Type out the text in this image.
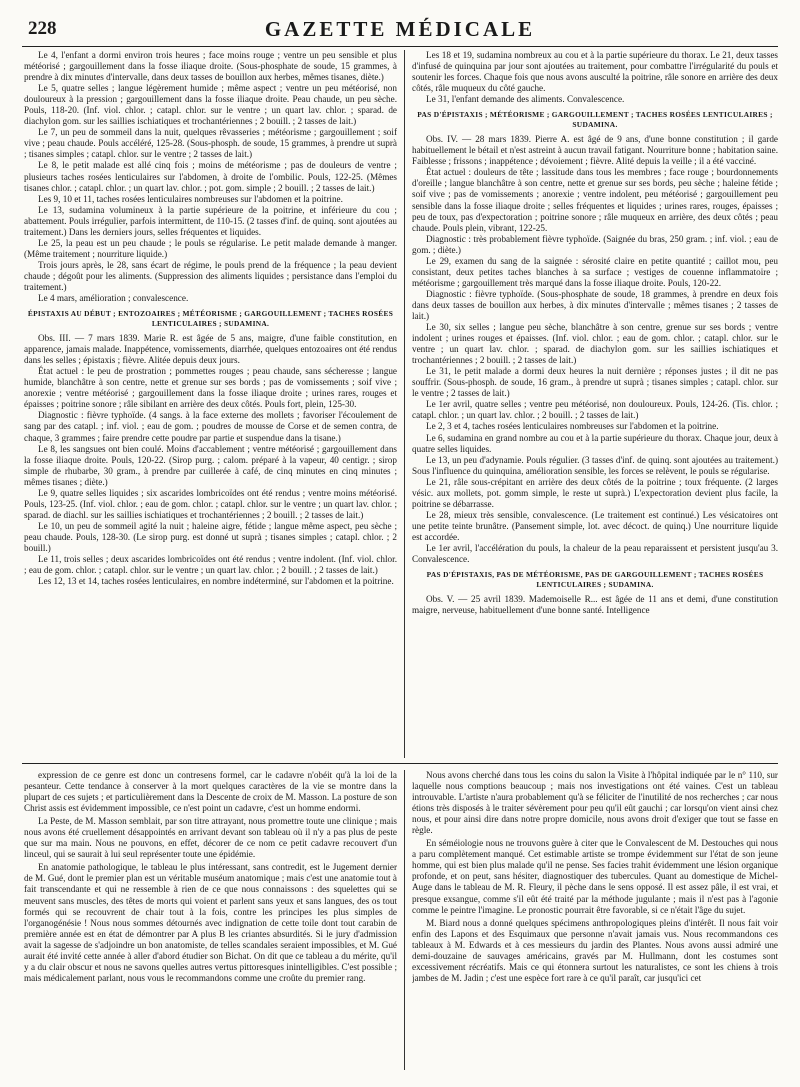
228	GAZETTE MÉDICALE

Le 4, l'enfant a dormi environ trois heures ; face moins rouge ; ventre un peu sensible et plus météorisé ; gargouillement dans la fosse iliaque droite. (Sous-phosphate de soude, 15 grammes, à prendre à dix minutes d'intervalle, dans deux tasses de bouillon aux herbes, mêmes tisanes, diète.)

Le 5, quatre selles ; langue légèrement humide ; même aspect ; ventre un peu météorisé, non douloureux à la pression ; gargouillement dans la fosse iliaque droite. Peau chaude, un peu sèche. Pouls, 118-20. (Inf. viol. chlor. ; catapl. chlor. sur le ventre ; un quart lav. chlor. ; sparad. de diachylon gom. sur les saillies ischiatiques et trochantériennes ; 2 bouill. ; 2 tasses de lait.)

Le 7, un peu de sommeil dans la nuit, quelques rêvasseries ; météorisme ; gargouillement ; soif vive ; peau chaude. Pouls accéléré, 125-28. (Sous-phosph. de soude, 15 grammes, à prendre ut suprà ; tisanes simples ; catapl. chlor. sur le ventre ; 2 tasses de lait.)

Le 8, le petit malade est allé cinq fois ; moins de météorisme ; pas de douleurs de ventre ; plusieurs taches rosées lenticulaires sur l'abdomen, à droite de l'ombilic. Pouls, 122-25. (Mêmes tisanes chlor. ; catapl. chlor. ; un quart lav. chlor. ; pot. gom. simple ; 2 bouill. ; 2 tasses de lait.)

Les 9, 10 et 11, taches rosées lenticulaires nombreuses sur l'abdomen et la poitrine.

Le 13, sudamina volumineux à la partie supérieure de la poitrine, et inférieure du cou ; abattement. Pouls irrégulier, parfois intermittent, de 110-15. (2 tasses d'inf. de quinq. sont ajoutées au traitement.) Dans les derniers jours, selles fréquentes et liquides.

Le 25, la peau est un peu chaude ; le pouls se régularise. Le petit malade demande à manger. (Même traitement ; nourriture liquide.)

Trois jours après, le 28, sans écart de régime, le pouls prend de la fréquence ; la peau devient chaude ; dégoût pour les aliments. (Suppression des aliments liquides ; persistance dans l'emploi du traitement.)

Le 4 mars, amélioration ; convalescence.

ÉPISTAXIS AU DÉBUT ; ENTOZOAIRES ; MÉTÉORISME ; GARGOUILLEMENT ; TACHES ROSÉES LENTICULAIRES ; SUDAMINA.

Obs. III. — 7 mars 1839. Marie R. est âgée de 5 ans, maigre, d'une faible constitution, en apparence, jamais malade. Inappétence, vomissements, diarrhée, quelques entozoaires ont été rendus dans les selles ; épistaxis ; fièvre. Alitée depuis deux jours.

État actuel : le peu de prostration ; pommettes rouges ; peau chaude, sans sécheresse ; langue humide, blanchâtre à son centre, nette et grenue sur ses bords ; pas de vomissements ; soif vive ; anorexie ; ventre météorisé ; gargouillement dans la fosse iliaque droite ; urines rares, rouges et épaisses ; poitrine sonore ; râle sibilant en arrière des deux côtés. Pouls fort, plein, 125-30.

Diagnostic : fièvre typhoïde. (4 sangs. à la face externe des mollets ; favoriser l'écoulement de sang par des catapl. ; inf. viol. ; eau de gom. ; poudres de mousse de Corse et de semen contra, de chaque, 3 grammes ; faire prendre cette poudre par partie et suspendue dans la tisane.)

Le 8, les sangsues ont bien coulé. Moins d'accablement ; ventre météorisé ; gargouillement dans la fosse iliaque droite. Pouls, 120-22. (Sirop purg. ; calom. préparé à la vapeur, 40 centigr. ; sirop simple de rhubarbe, 30 gram., à prendre par cuillerée à café, de cinq minutes en cinq minutes ; mêmes tisanes ; diète.)

Le 9, quatre selles liquides ; six ascarides lombricoïdes ont été rendus ; ventre moins météorisé. Pouls, 123-25. (Inf. viol. chlor. ; eau de gom. chlor. ; catapl. chlor. sur le ventre ; un quart lav. chlor. ; sparad. de diachl. sur les saillies ischiatiques et trochantériennes ; 2 bouill. ; 2 tasses de lait.)

Le 10, un peu de sommeil agité la nuit ; haleine aigre, fétide ; langue même aspect, peu sèche ; peau chaude. Pouls, 128-30. (Le sirop purg. est donné ut suprà ; tisanes simples ; catapl. chlor. ; 2 bouill.)

Le 11, trois selles ; deux ascarides lombricoïdes ont été rendus ; ventre indolent. (Inf. viol. chlor. ; eau de gom. chlor. ; catapl. chlor. sur le ventre ; un quart lav. chlor. ; 2 bouill. ; 2 tasses de lait.)

Les 12, 13 et 14, taches rosées lenticulaires, en nombre indéterminé, sur l'abdomen et la poitrine.

Les 18 et 19, sudamina nombreux au cou et à la partie supérieure du thorax. Le 21, deux tasses d'infusé de quinquina par jour sont ajoutées au traitement, pour combattre l'irrégularité du pouls et soutenir les forces. Chaque fois que nous avons ausculté la poitrine, râle sonore en arrière des deux côtés, râle muqueux du côté gauche.

Le 31, l'enfant demande des aliments. Convalescence.

PAS D'ÉPISTAXIS ; MÉTÉORISME ; GARGOUILLEMENT ; TACHES ROSÉES LENTICULAIRES ; SUDAMINA.

Obs. IV. — 28 mars 1839. Pierre A. est âgé de 9 ans, d'une bonne constitution ; il garde habituellement le bétail et n'est astreint à aucun travail fatigant. Nourriture bonne ; habitation saine. Faiblesse ; frissons ; inappétence ; dévoiement ; fièvre. Alité depuis la veille ; il a été vacciné.

État actuel : douleurs de tête ; lassitude dans tous les membres ; face rouge ; bourdonnements d'oreille ; langue blanchâtre à son centre, nette et grenue sur ses bords, peu sèche ; haleine fétide ; soif vive ; pas de vomissements ; anorexie ; ventre indolent, peu météorisé ; gargouillement peu sensible dans la fosse iliaque droite ; selles fréquentes et liquides ; urines rares, rouges, épaisses ; peu de toux, pas d'expectoration ; poitrine sonore ; râle muqueux en arrière, des deux côtés ; peau chaude. Pouls plein, vibrant, 122-25.

Diagnostic : très probablement fièvre typhoïde. (Saignée du bras, 250 gram. ; inf. viol. ; eau de gom. ; diète.)

Le 29, examen du sang de la saignée : sérosité claire en petite quantité ; caillot mou, peu consistant, deux petites taches blanches à sa surface ; vestiges de couenne inflammatoire ; météorisme ; gargouillement très marqué dans la fosse iliaque droite. Pouls, 120-22.

Diagnostic : fièvre typhoïde. (Sous-phosphate de soude, 18 grammes, à prendre en deux fois dans deux tasses de bouillon aux herbes, à dix minutes d'intervalle ; mêmes tisanes ; 2 tasses de lait.)

Le 30, six selles ; langue peu sèche, blanchâtre à son centre, grenue sur ses bords ; ventre indolent ; urines rouges et épaisses. (Inf. viol. chlor. ; eau de gom. chlor. ; catapl. chlor. sur le ventre ; un quart lav. chlor. ; sparad. de diachylon gom. sur les saillies ischiatiques et trochantériennes ; 2 bouill. ; 2 tasses de lait.)

Le 31, le petit malade a dormi deux heures la nuit dernière ; réponses justes ; il dit ne pas souffrir. (Sous-phosph. de soude, 16 gram., à prendre ut suprà ; tisanes simples ; catapl. chlor. sur le ventre ; 2 tasses de lait.)

Le 1er avril, quatre selles ; ventre peu météorisé, non douloureux. Pouls, 124-26. (Tis. chlor. ; catapl. chlor. ; un quart lav. chlor. ; 2 bouill. ; 2 tasses de lait.)

Le 2, 3 et 4, taches rosées lenticulaires nombreuses sur l'abdomen et la poitrine.

Le 6, sudamina en grand nombre au cou et à la partie supérieure du thorax. Chaque jour, deux à quatre selles liquides.

Le 13, un peu d'adynamie. Pouls régulier. (3 tasses d'inf. de quinq. sont ajoutées au traitement.) Sous l'influence du quinquina, amélioration sensible, les forces se relèvent, le pouls se régularise.

Le 21, râle sous-crépitant en arrière des deux côtés de la poitrine ; toux fréquente. (2 larges vésic. aux mollets, pot. gomm simple, le reste ut suprà.) L'expectoration devient plus facile, la poitrine se débarrasse.

Le 28, mieux très sensible, convalescence. (Le traitement est continué.) Les vésicatoires ont une petite teinte brunâtre. (Pansement simple, lot. avec décoct. de quinq.) Une nourriture liquide est accordée.

Le 1er avril, l'accélération du pouls, la chaleur de la peau reparaissent et persistent jusqu'au 3. Convalescence.

PAS D'ÉPISTAXIS, PAS DE MÉTÉORISME, PAS DE GARGOUILLEMENT ; TACHES ROSÉES LENTICULAIRES ; SUDAMINA.

Obs. V. — 25 avril 1839. Mademoiselle R... est âgée de 11 ans et demi, d'une constitution maigre, nerveuse, habituellement d'une bonne santé. Intelligence

expression de ce genre est donc un contresens formel, car le cadavre n'obéit qu'à la loi de la pesanteur. Cette tendance à conserver à la mort quelques caractères de la vie se montre dans la plupart de ces sujets ; et particulièrement dans la Descente de croix de M. Masson. La posture de son Christ assis est évidemment impossible, ce n'est point un cadavre, c'est un homme endormi.

La Peste, de M. Masson semblait, par son titre attrayant, nous promettre toute une clinique ; mais nous avons été cruellement désappointés en arrivant devant son tableau où il n'y a pas plus de peste que sur ma main. Nous ne pouvons, en effet, décorer de ce nom ce petit cadavre recouvert d'un linceul, qui se saurait à lui seul représenter toute une épidémie.

En anatomie pathologique, le tableau le plus intéressant, sans contredit, est le Jugement dernier de M. Gué, dont le premier plan est un véritable muséum anatomique ; mais c'est une anatomie tout à fait transcendante et qui ne ressemble à rien de ce que nous connaissons : des squelettes qui se meuvent sans muscles, des têtes de morts qui voient et parlent sans yeux et sans langues, des os tout formés qui se recouvrent de chair tout à la fois, contre les principes les plus simples de l'organogénésie ! Nous nous sommes détournés avec indignation de cette toile dont tout carabin de première année est en état de démontrer par A plus B les criantes absurdités. Si le jury d'admission avait la sagesse de s'adjoindre un bon anatomiste, de telles scandales seraient impossibles, et M. Gué aurait été invité cette année à aller d'abord étudier son Bichat. On dit que ce tableau a du mérite, qu'il y a du clair obscur et nous ne savons quelles autres vertus pittoresques inintelligibles. C'est possible ; mais médicalement parlant, nous vous le recommandons comme une croûte du premier rang.

Nous avons cherché dans tous les coins du salon la Visite à l'hôpital indiquée par le n° 110, sur laquelle nous comptions beaucoup ; mais nos investigations ont été vaines. C'est un tableau introuvable. L'artiste n'aura probablement qu'à se féliciter de l'inutilité de nos recherches ; car nous étions très disposés à le traiter sévèrement pour peu qu'il eût gauchi ; car lorsqu'on vient ainsi chez nous, et pour ainsi dire dans notre propre domicile, nous avons droit d'exiger que tout se fasse en règle.

En séméiologie nous ne trouvons guère à citer que le Convalescent de M. Destouches qui nous a paru complètement manqué. Cet estimable artiste se trompe évidemment sur l'état de son jeune homme, qui est bien plus malade qu'il ne pense. Ses facies trahit évidemment une lésion organique profonde, et on peut, sans hésiter, diagnostiquer des tubercules. Quant au domestique de Michel-Auge dans le tableau de M. R. Fleury, il pèche dans le sens opposé. Il est assez pâle, il est vrai, et presque exsangue, comme s'il eût été traité par la méthode jugulante ; mais il n'est pas à l'agonie comme le peintre l'imagine. Le pronostic pourrait être favorable, si ce n'était l'âge du sujet.

M. Biard nous a donné quelques spécimens anthropologiques pleins d'intérêt. Il nous fait voir enfin des Lapons et des Esquimaux que personne n'avait jamais vus. Nous recommandons ces tableaux à M. Edwards et à ces messieurs du jardin des Plantes. Nous avons aussi admiré une demi-douzaine de sauvages américains, gravés par M. Hullmann, dont les costumes sont excessivement récréatifs. Mais ce qui étonnera surtout les naturalistes, ce sont les chiens à trois jambes de M. Jadin ; c'est une espèce fort rare à ce qu'il paraît, car jusqu'ici cet
